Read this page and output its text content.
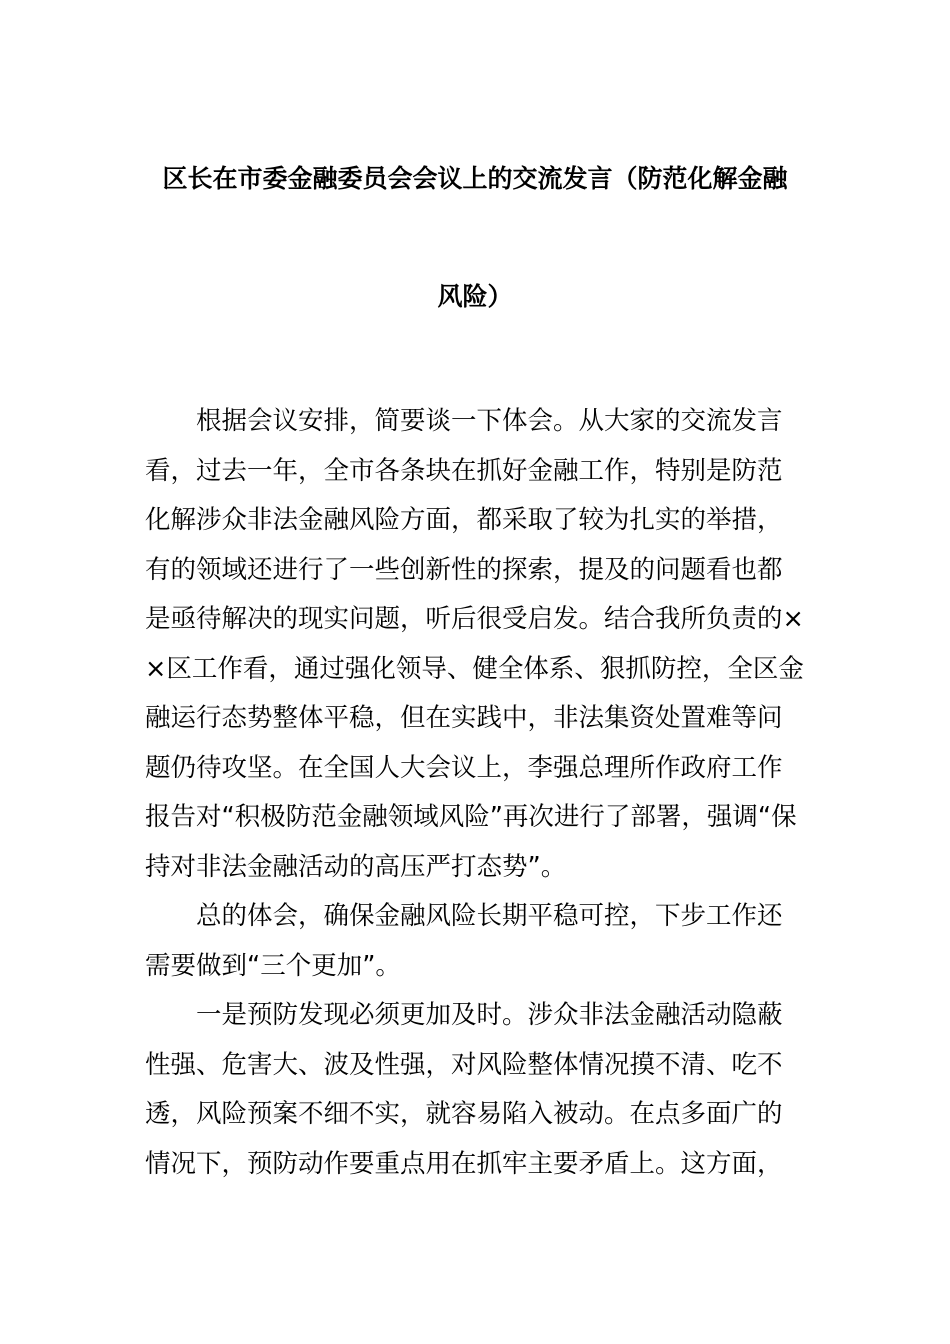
区长在市委金融委员会会议上的交流发言（防范化解金融
风险）
根据会议安排，简要谈一下体会。从大家的交流发言
看，过去一年，全市各条块在抓好金融工作，特别是防范
化解涉众非法金融风险方面，都采取了较为扎实的举措，
有的领域还进行了一些创新性的探索，提及的问题看也都
是亟待解决的现实问题，听后很受启发。结合我所负责的×
×区工作看，通过强化领导、健全体系、狠抓防控，全区金
融运行态势整体平稳，但在实践中，非法集资处置难等问
题仍待攻坚。在全国人大会议上，李强总理所作政府工作
报告对“积极防范金融领域风险”再次进行了部署，强调“保
持对非法金融活动的高压严打态势”。
总的体会，确保金融风险长期平稳可控，下步工作还
需要做到“三个更加”。
一是预防发现必须更加及时。涉众非法金融活动隐蔽
性强、危害大、波及性强，对风险整体情况摸不清、吃不
透，风险预案不细不实，就容易陷入被动。在点多面广的
情况下，预防动作要重点用在抓牢主要矛盾上。这方面，
